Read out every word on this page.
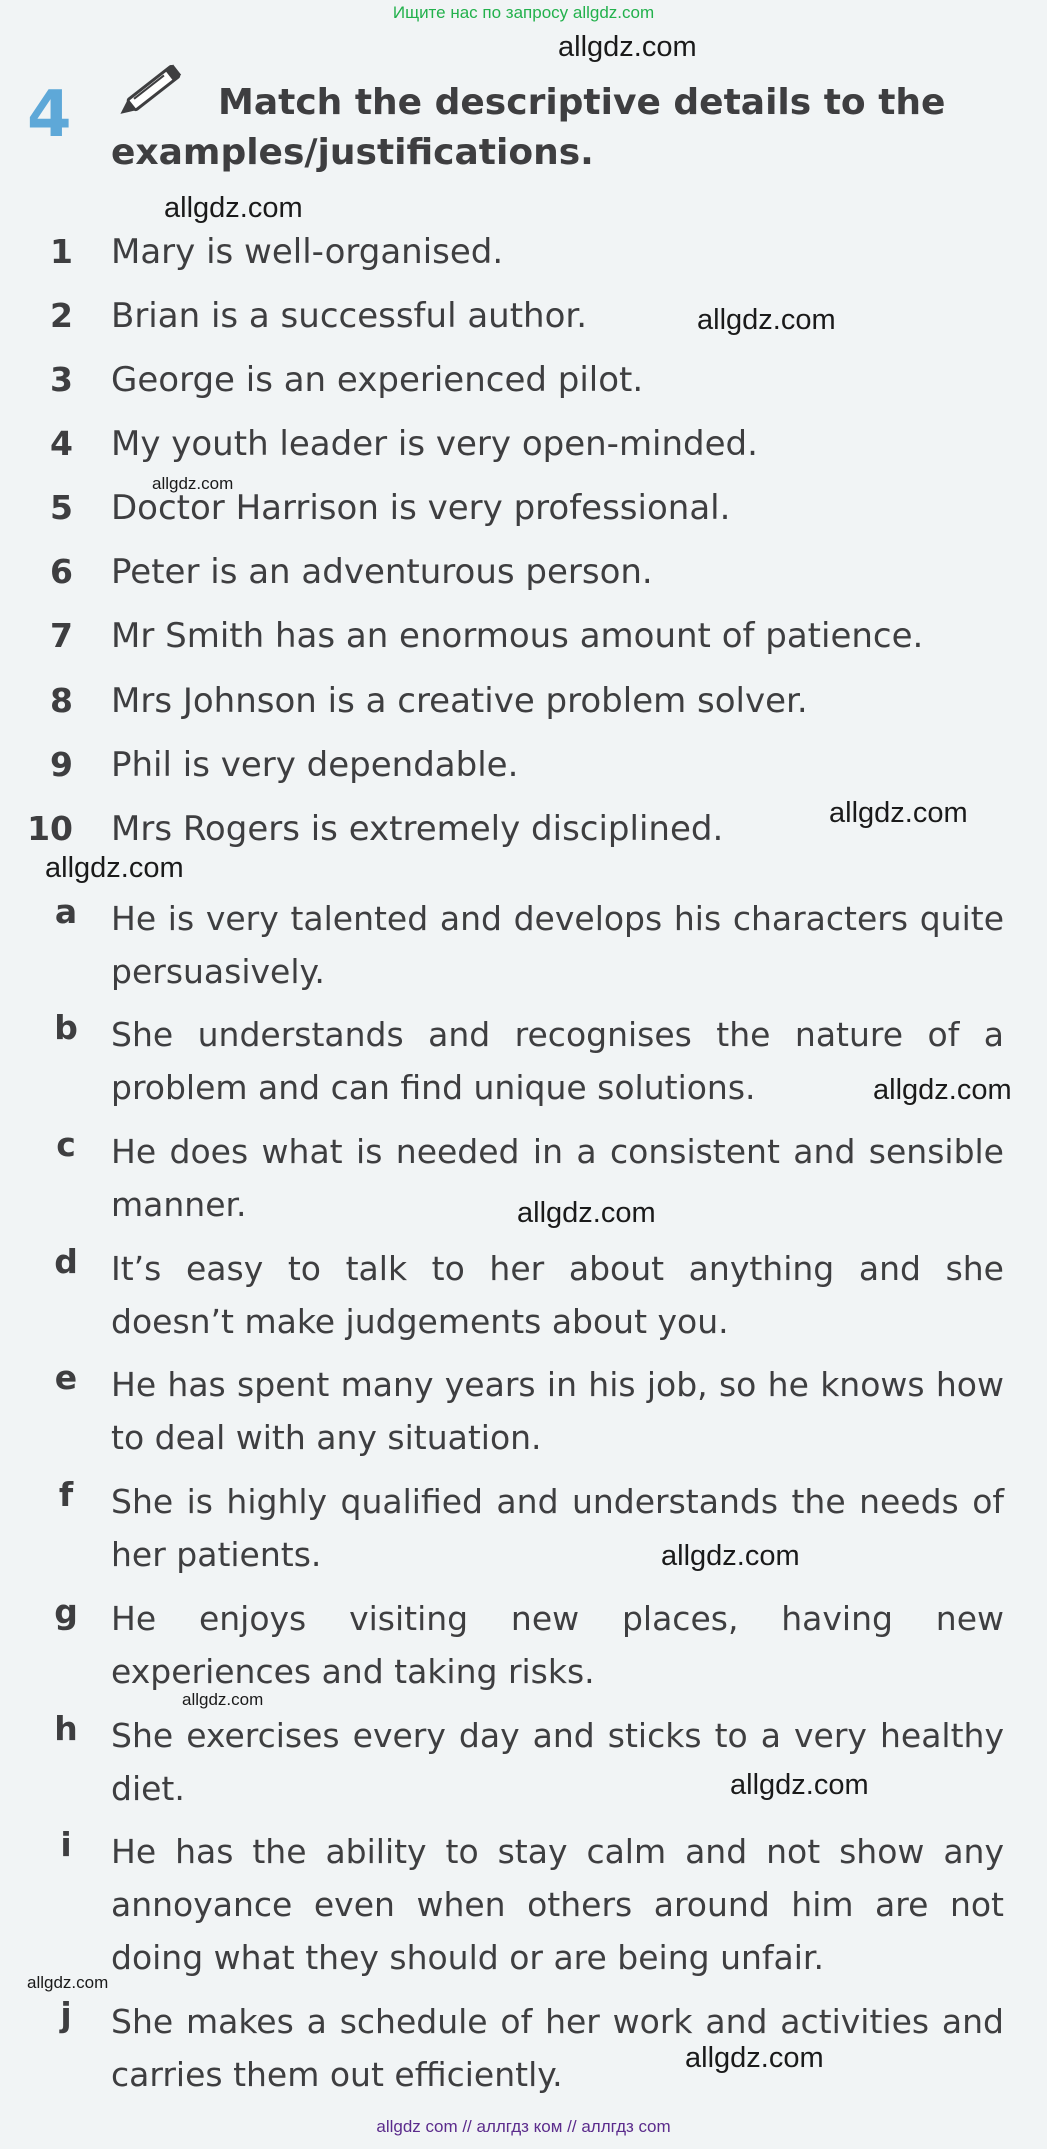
Ищите нас по запросу allgdz.com
4	Match the descriptive details to the examples/justifications.
1 Mary is well-organised.
2 Brian is a successful author.
3 George is an experienced pilot.
4 My youth leader is very open-minded.
5 Doctor Harrison is very professional.
6 Peter is an adventurous person.
7 Mr Smith has an enormous amount of patience.
8 Mrs Johnson is a creative problem solver.
9 Phil is very dependable.
10 Mrs Rogers is extremely disciplined.
a He is very talented and develops his characters quite persuasively.
b She understands and recognises the nature of a problem and can find unique solutions.
c He does what is needed in a consistent and sensible manner.
d It’s easy to talk to her about anything and she doesn’t make judgements about you.
e He has spent many years in his job, so he knows how to deal with any situation.
f She is highly qualified and understands the needs of her patients.
g He enjoys visiting new places, having new experiences and taking risks.
h She exercises every day and sticks to a very healthy diet.
i He has the ability to stay calm and not show any annoyance even when others around him are not doing what they should or are being unfair.
j She makes a schedule of her work and activities and carries them out efficiently.
allgdz.com
allgdz.com
allgdz.com
allgdz.com
allgdz.com
allgdz.com
allgdz.com
allgdz.com
allgdz.com
allgdz.com
allgdz.com
allgdz.com
allgdz.com
allgdz com // аллгдз ком // аллгдз com
